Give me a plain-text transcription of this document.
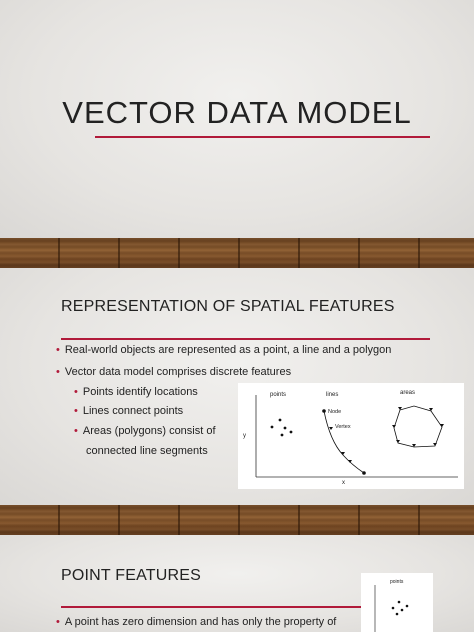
VECTOR DATA MODEL
REPRESENTATION OF SPATIAL FEATURES
• Real-world objects are represented as a point, a line and a polygon
• Vector data model comprises discrete features
• Points identify locations
• Lines connect points
• Areas (polygons) consist of
connected line segments
points	lines	areas
y
x
Node
Vertex
POINT FEATURES
• A point has zero dimension and has only the property of
points
